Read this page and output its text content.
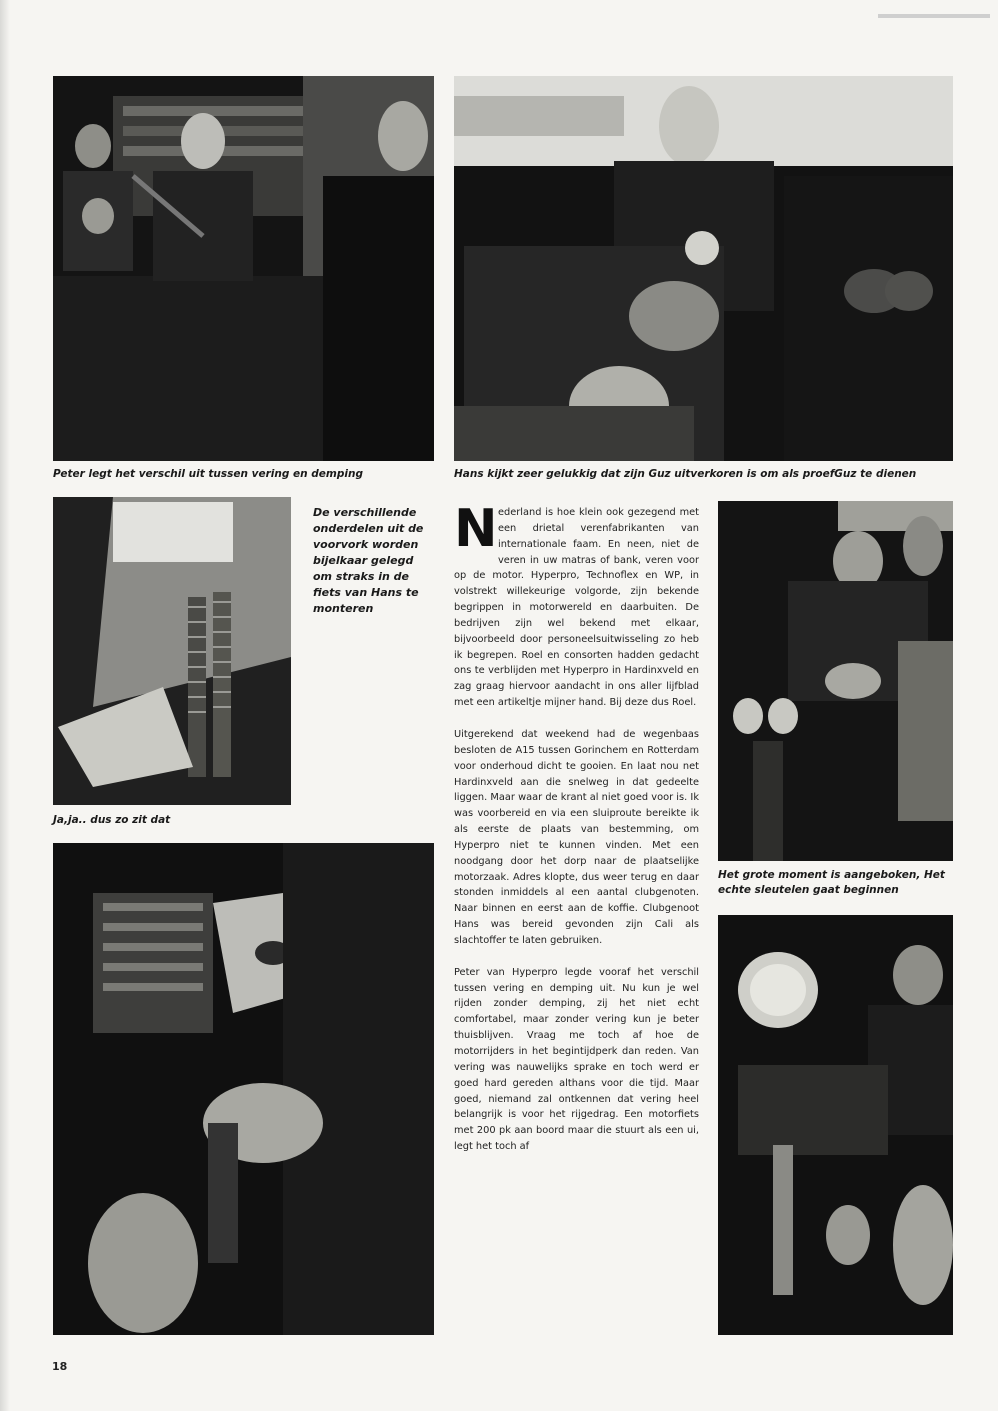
Peter legt het verschil uit tussen vering en demping	Hans kijkt zeer gelukkig dat zijn Guz uitverkoren is om als proefGuz te dienen

Ja,ja.. dus zo zit dat

De verschillende onderdelen uit de voorvork worden bijelkaar gelegd om straks in de fiets van Hans te monteren

Nederland is hoe klein ook gezegend met een drietal verenfabrikanten van internationale faam. En neen, niet de veren in uw matras of bank, veren voor op de motor. Hyperpro, Technoflex en WP, in volstrekt willekeurige volgorde, zijn bekende begrippen in motorwereld en daarbuiten. De bedrijven zijn wel bekend met elkaar, bijvoorbeeld door personeelsuitwisseling zo heb ik begrepen. Roel en consorten hadden gedacht ons te verblijden met Hyperpro in Hardinxveld en zag graag hiervoor aandacht in ons aller lijfblad met een artikeltje mijner hand. Bij deze dus Roel.

Uitgerekend dat weekend had de wegenbaas besloten de A15 tussen Gorinchem en Rotterdam voor onderhoud dicht te gooien. En laat nou net Hardinxveld aan die snelweg in dat gedeelte liggen. Maar waar de krant al niet goed voor is. Ik was voorbereid en via een sluiproute bereikte ik als eerste de plaats van bestemming, om Hyperpro niet te kunnen vinden. Met een noodgang door het dorp naar de plaatselijke motorzaak. Adres klopte, dus weer terug en daar stonden inmiddels al een aantal clubgenoten. Naar binnen en eerst aan de koffie. Clubgenoot Hans was bereid gevonden zijn Cali als slachtoffer te laten gebruiken.

Peter van Hyperpro legde vooraf het verschil tussen vering en demping uit. Nu kun je wel rijden zonder demping, zij het niet echt comfortabel, maar zonder vering kun je beter thuisblijven. Vraag me toch af hoe de motorrijders in het begintijdperk dan reden. Van vering was nauwelijks sprake en toch werd er goed hard gereden althans voor die tijd. Maar goed, niemand zal ontkennen dat vering heel belangrijk is voor het rijgedrag. Een motorfiets met 200 pk aan boord maar die stuurt als een ui, legt het toch af

Het grote moment is aangeboken, Het echte sleutelen gaat beginnen

18
